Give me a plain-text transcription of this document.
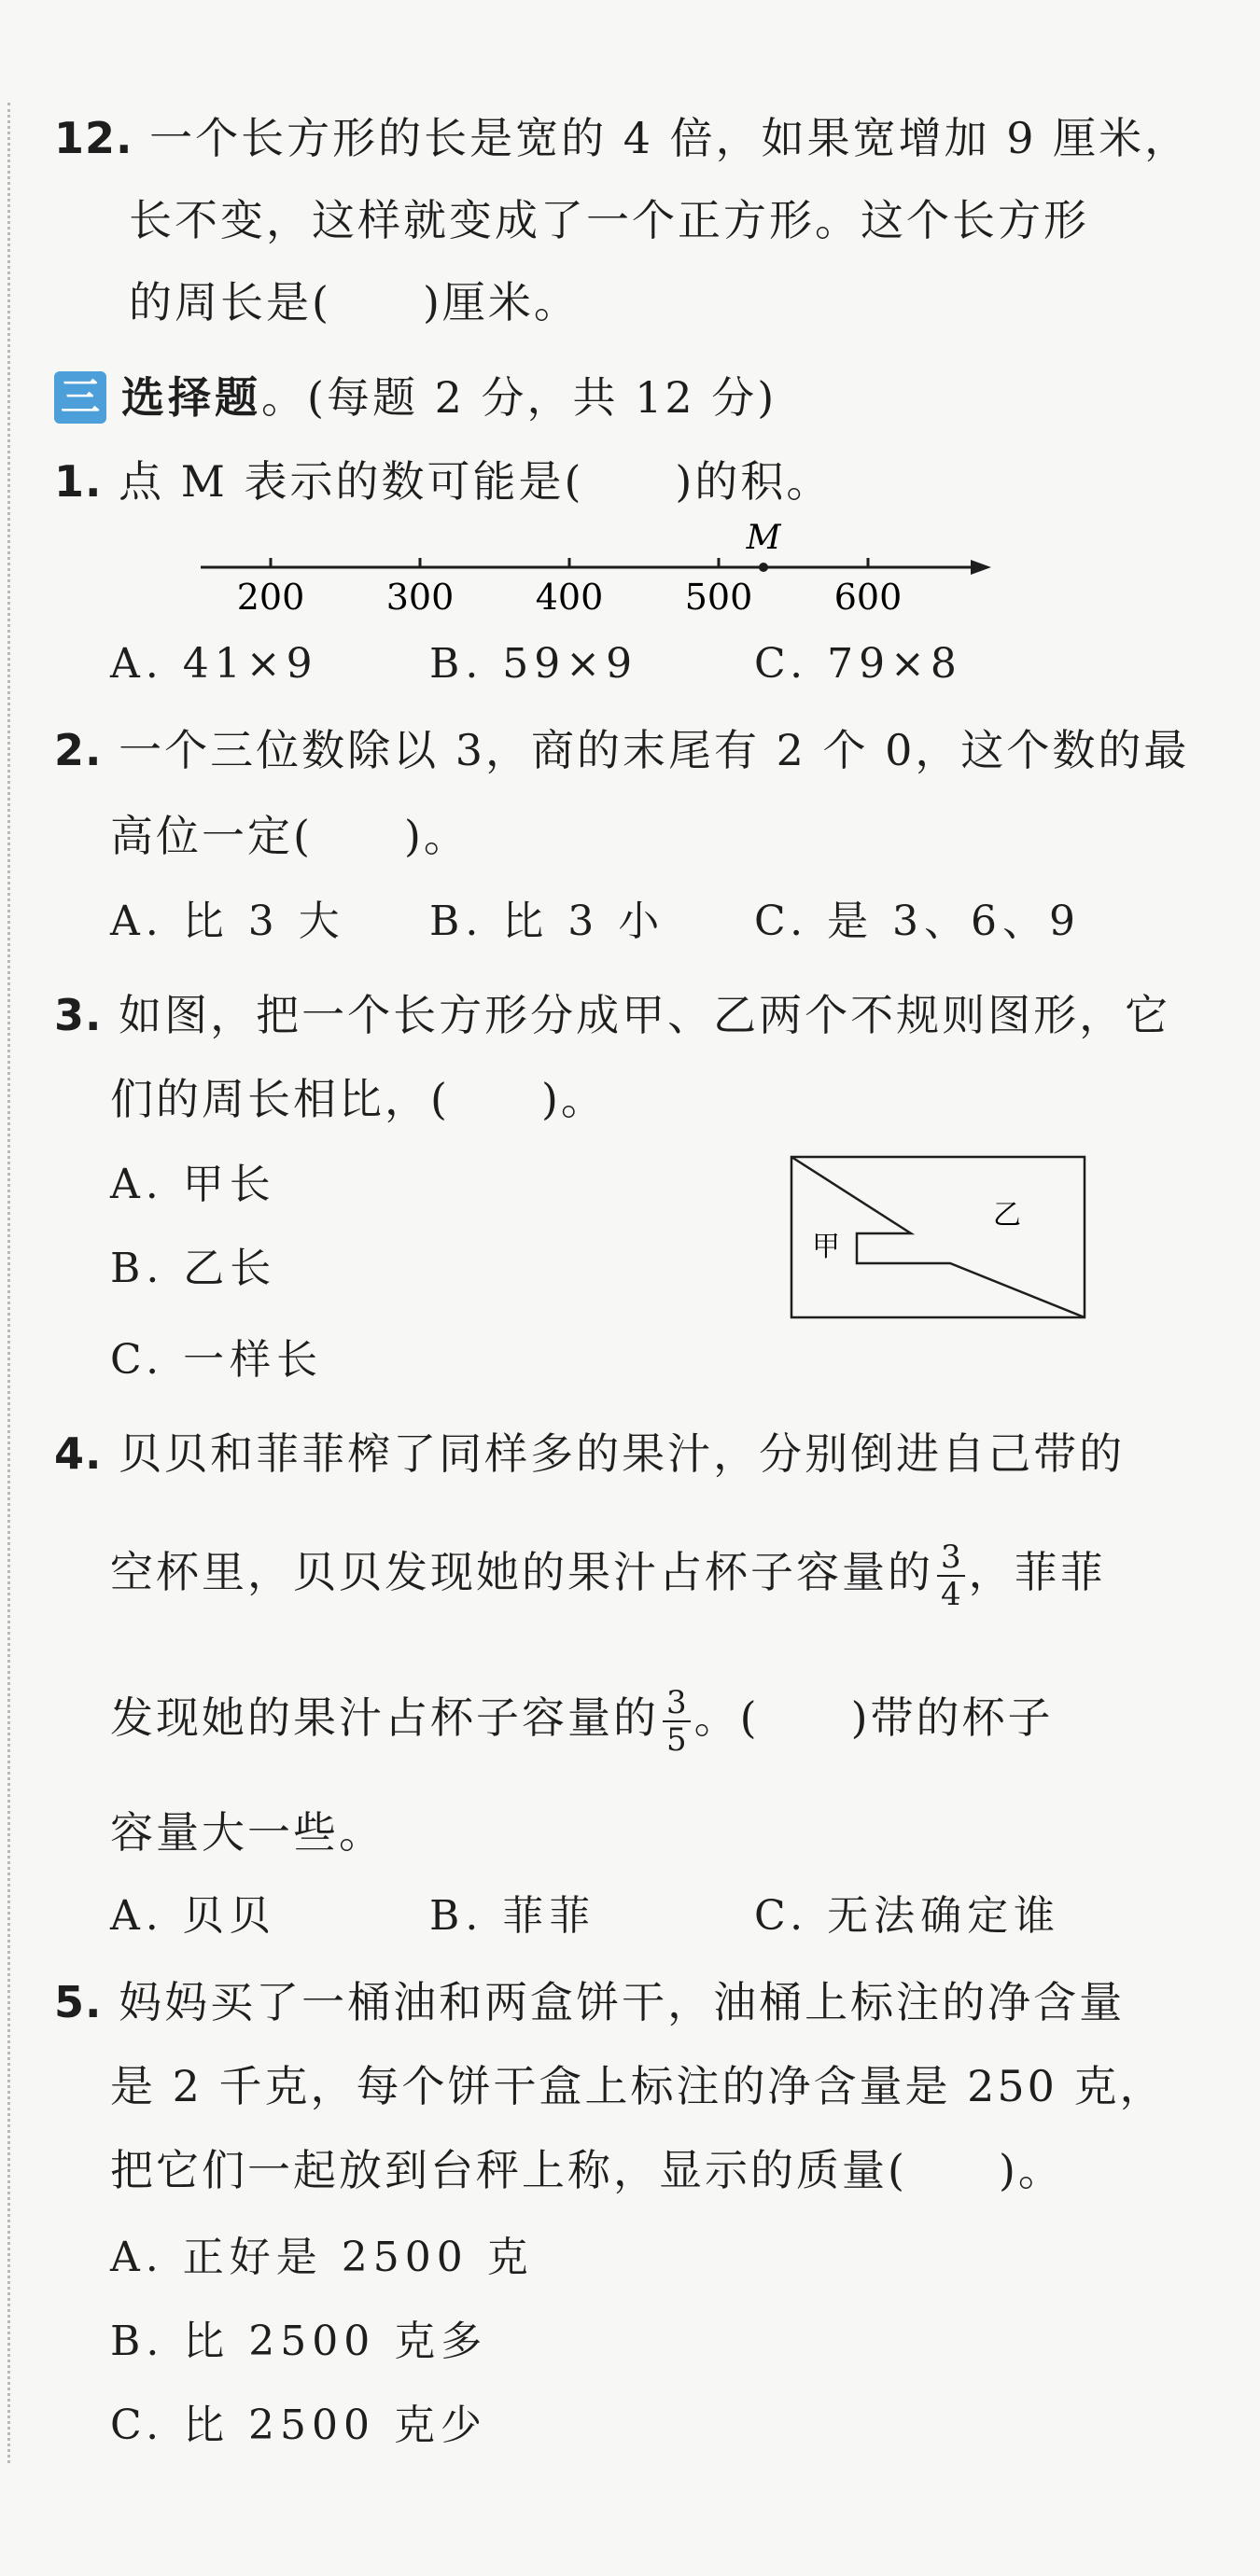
12. 一个长方形的长是宽的 4 倍，如果宽增加 9 厘米，
长不变，这样就变成了一个正方形。这个长方形
的周长是(　　)厘米。
三 选择题。(每题 2 分，共 12 分)
1. 点 M 表示的数可能是(　　)的积。
200 300 400 500 600
M
A. 41×9	B. 59×9	C. 79×8
2. 一个三位数除以 3，商的末尾有 2 个 0，这个数的最
高位一定(　　)。
A. 比 3 大 B. 比 3 小 C. 是 3、6、9
3. 如图，把一个长方形分成甲、乙两个不规则图形，它
们的周长相比，(　　)。
A. 甲长
B. 乙长
C. 一样长
甲
乙
4. 贝贝和菲菲榨了同样多的果汁，分别倒进自己带的
空杯里，贝贝发现她的果汁占杯子容量的 $\frac{3}{4}$ ，菲菲
发现她的果汁占杯子容量的 $\frac{3}{5}$ 。(　　)带的杯子
容量大一些。
A. 贝贝	B. 菲菲	C. 无法确定谁
5. 妈妈买了一桶油和两盒饼干，油桶上标注的净含量
是 2 千克，每个饼干盒上标注的净含量是 250 克，
把它们一起放到台秤上称，显示的质量(　　)。
A. 正好是 2500 克
B. 比 2500 克多
C. 比 2500 克少
